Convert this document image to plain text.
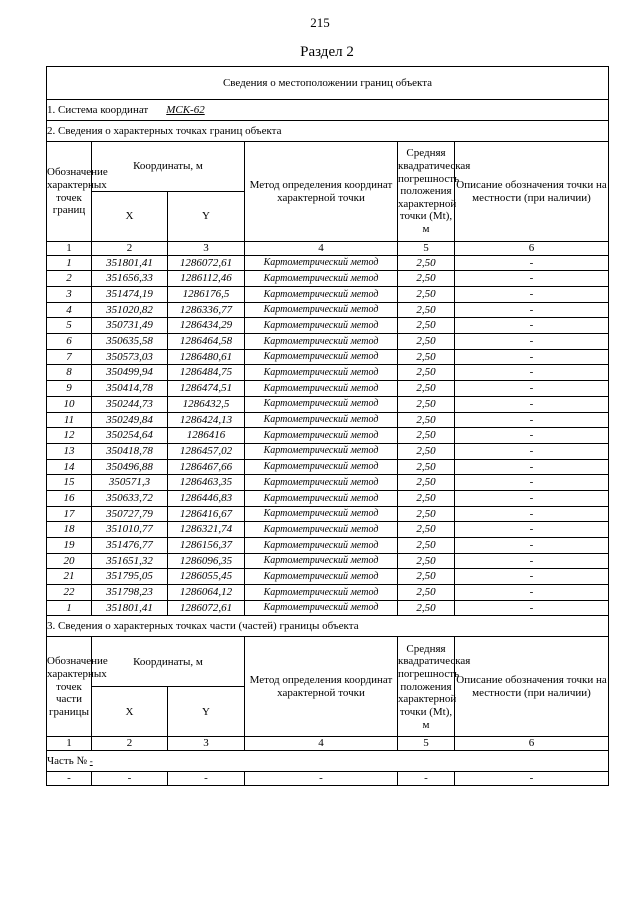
215
Раздел 2
Сведения о местоположении границ объекта					
1. Система координат МСК-62					
2. Сведения о характерных точках границ объекта					
Обозначение характерных точек границ	Координаты, м		Метод определения координат характерной точки	Средняя квадратическая погрешность положения характерной точки (Mt), м	Описание обозначения точки на местности (при наличии)
	X	Y			
1	2	3	4	5	6
1	351801,41	1286072,61	Картометрический метод	2,50	-
2	351656,33	1286112,46	Картометрический метод	2,50	-
3	351474,19	1286176,5	Картометрический метод	2,50	-
4	351020,82	1286336,77	Картометрический метод	2,50	-
5	350731,49	1286434,29	Картометрический метод	2,50	-
6	350635,58	1286464,58	Картометрический метод	2,50	-
7	350573,03	1286480,61	Картометрический метод	2,50	-
8	350499,94	1286484,75	Картометрический метод	2,50	-
9	350414,78	1286474,51	Картометрический метод	2,50	-
10	350244,73	1286432,5	Картометрический метод	2,50	-
11	350249,84	1286424,13	Картометрический метод	2,50	-
12	350254,64	1286416	Картометрический метод	2,50	-
13	350418,78	1286457,02	Картометрический метод	2,50	-
14	350496,88	1286467,66	Картометрический метод	2,50	-
15	350571,3	1286463,35	Картометрический метод	2,50	-
16	350633,72	1286446,83	Картометрический метод	2,50	-
17	350727,79	1286416,67	Картометрический метод	2,50	-
18	351010,77	1286321,74	Картометрический метод	2,50	-
19	351476,77	1286156,37	Картометрический метод	2,50	-
20	351651,32	1286096,35	Картометрический метод	2,50	-
21	351795,05	1286055,45	Картометрический метод	2,50	-
22	351798,23	1286064,12	Картометрический метод	2,50	-
1	351801,41	1286072,61	Картометрический метод	2,50	-
3. Сведения о характерных точках части (частей) границы объекта					
Обозначение характерных точек части границы	Координаты, м		Метод определения координат характерной точки	Средняя квадратическая погрешность положения характерной точки (Mt), м	Описание обозначения точки на местности (при наличии)
	X	Y			
1	2	3	4	5	6
Часть № -					
-	-	-	-	-	-
